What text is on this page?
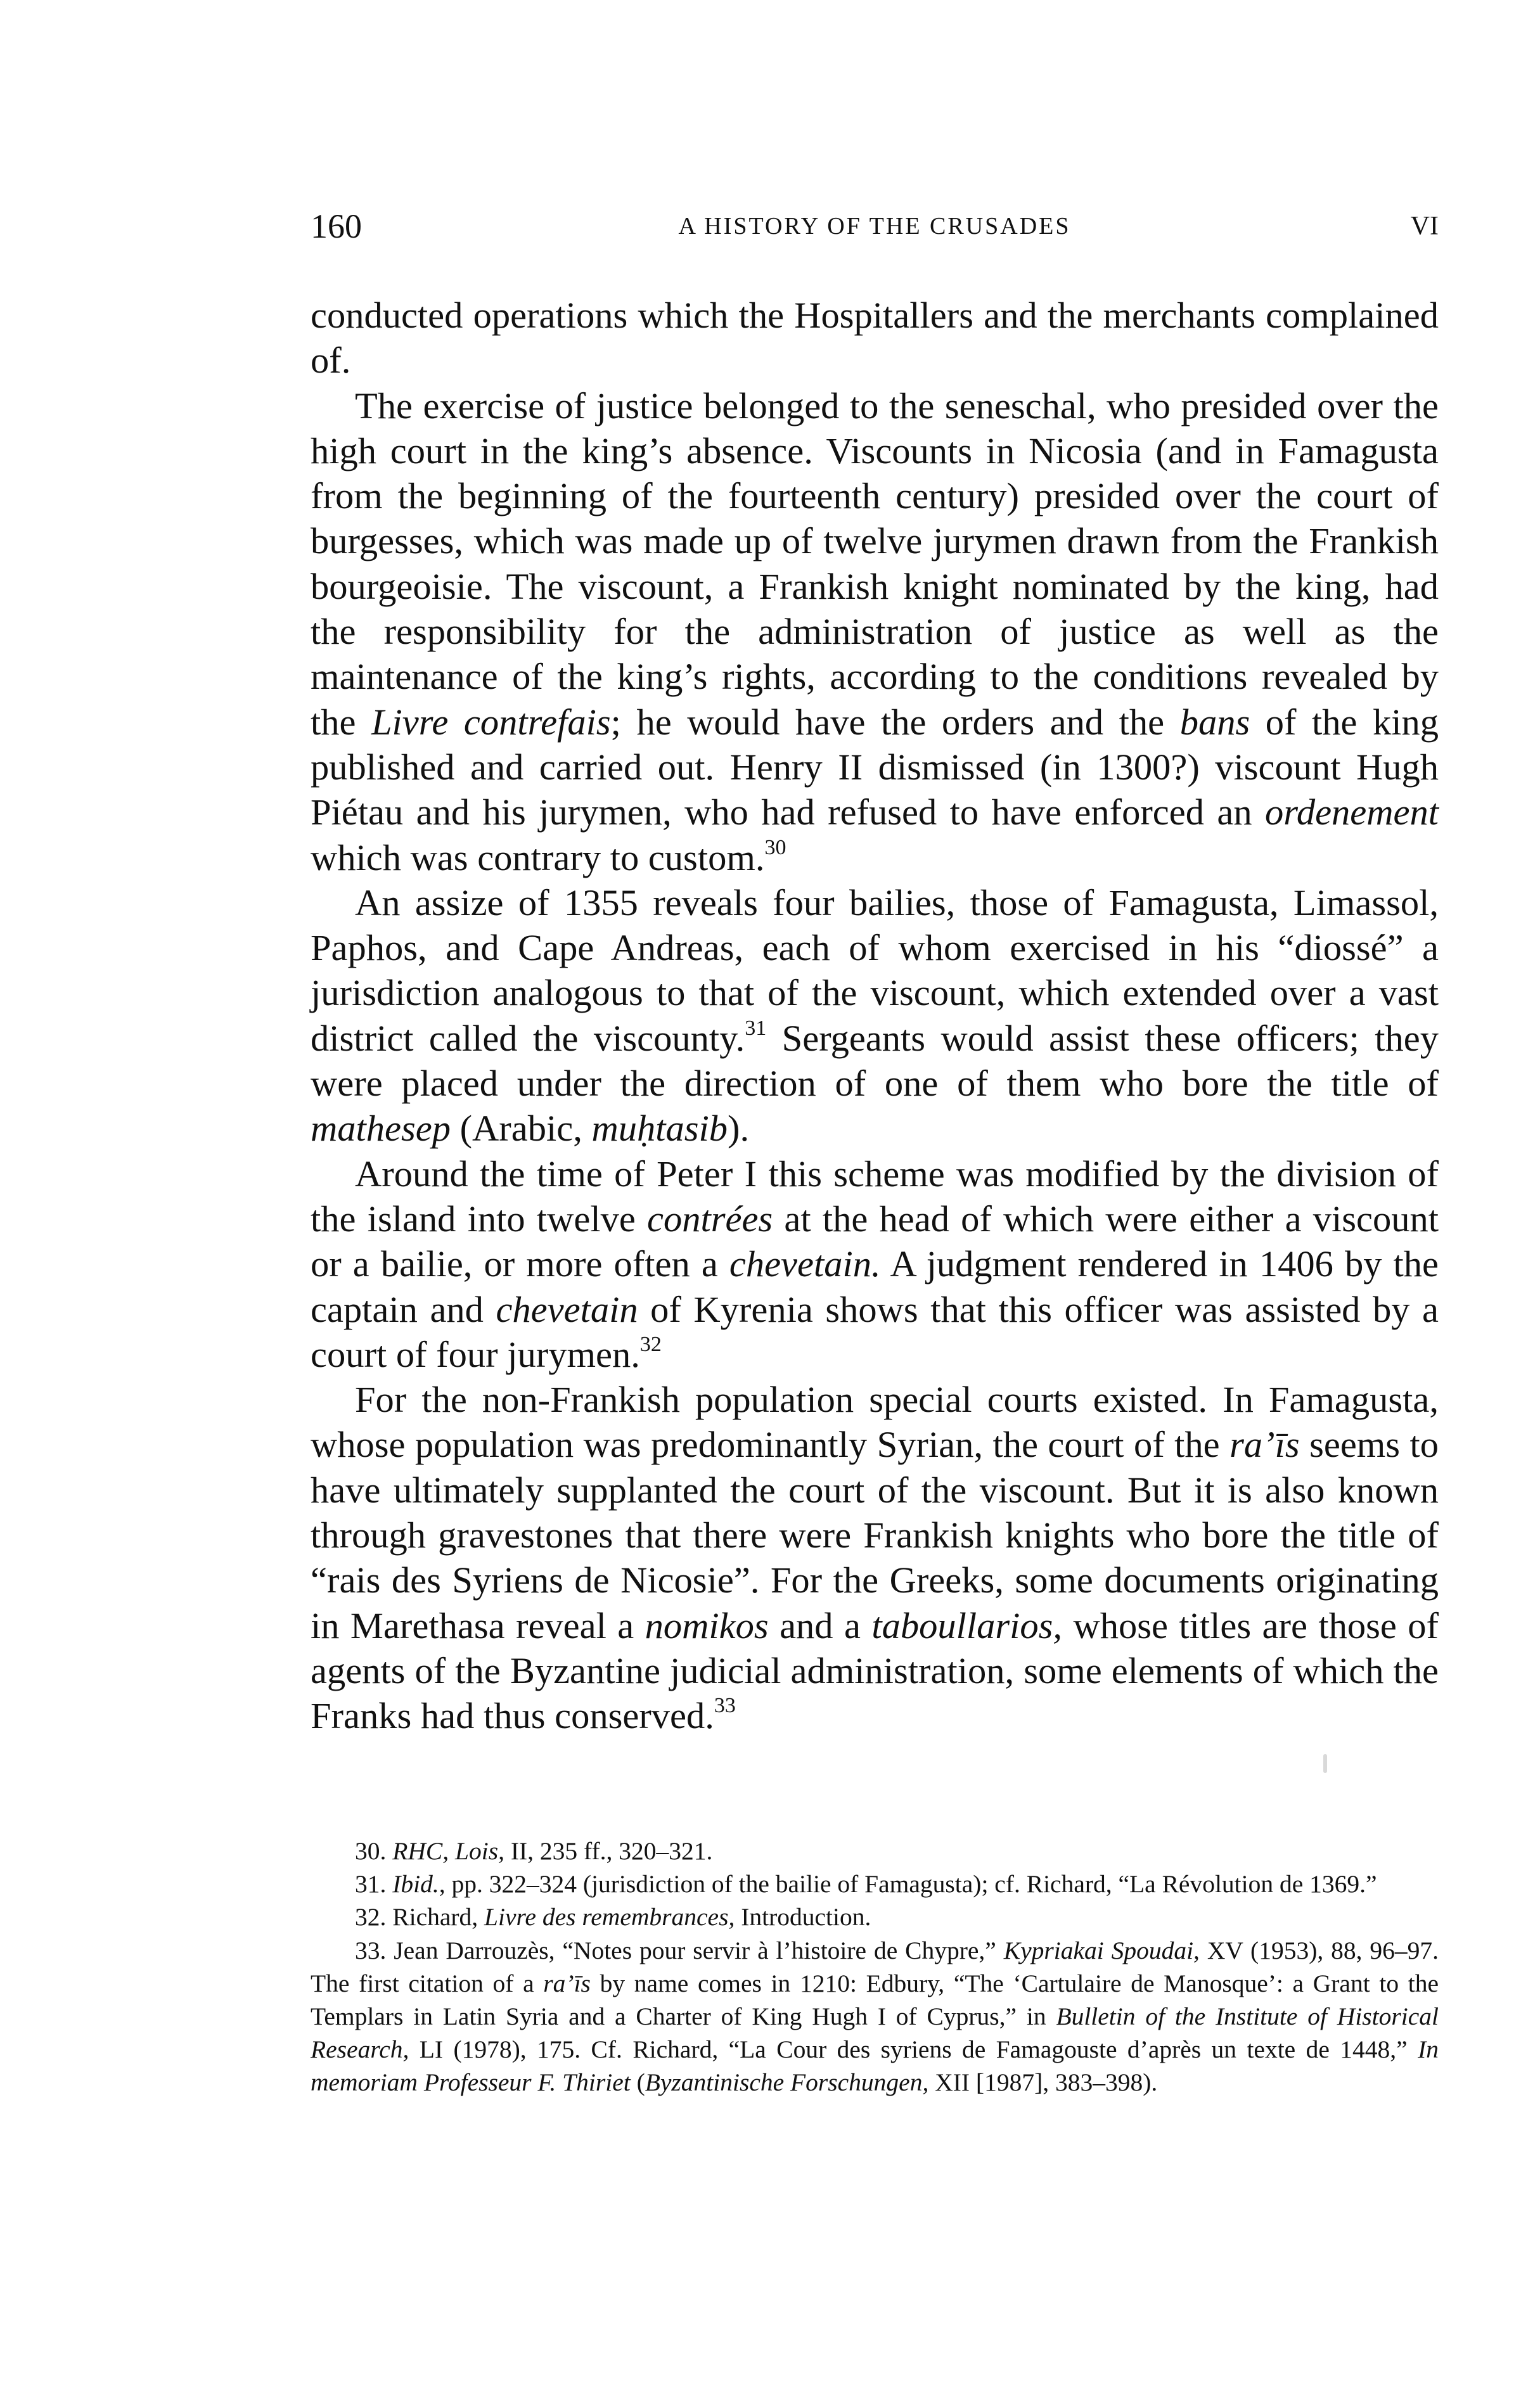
160	A HISTORY OF THE CRUSADES	VI

conducted operations which the Hospitallers and the merchants complained of.

The exercise of justice belonged to the seneschal, who presided over the high court in the king’s absence. Viscounts in Nicosia (and in Famagusta from the beginning of the fourteenth century) presided over the court of burgesses, which was made up of twelve jurymen drawn from the Frankish bourgeoisie. The viscount, a Frankish knight nominated by the king, had the responsibility for the administration of justice as well as the maintenance of the king’s rights, according to the conditions revealed by the Livre contrefais; he would have the orders and the bans of the king published and carried out. Henry II dismissed (in 1300?) viscount Hugh Piétau and his jurymen, who had refused to have enforced an ordenement which was contrary to custom.$^{30}$

An assize of 1355 reveals four bailies, those of Famagusta, Limassol, Paphos, and Cape Andreas, each of whom exercised in his “diossé” a jurisdiction analogous to that of the viscount, which extended over a vast district called the viscounty.$^{31}$ Sergeants would assist these officers; they were placed under the direction of one of them who bore the title of mathesep (Arabic, muḥtasib).

Around the time of Peter I this scheme was modified by the division of the island into twelve contrées at the head of which were either a viscount or a bailie, or more often a chevetain. A judgment rendered in 1406 by the captain and chevetain of Kyrenia shows that this officer was assisted by a court of four jurymen.$^{32}$

For the non-Frankish population special courts existed. In Famagusta, whose population was predominantly Syrian, the court of the ra’īs seems to have ultimately supplanted the court of the viscount. But it is also known through gravestones that there were Frankish knights who bore the title of “rais des Syriens de Nicosie”. For the Greeks, some documents originating in Marethasa reveal a nomikos and a taboullarios, whose titles are those of agents of the Byzantine judicial administration, some elements of which the Franks had thus conserved.$^{33}$

30. RHC, Lois, II, 235 ff., 320–321.

31. Ibid., pp. 322–324 (jurisdiction of the bailie of Famagusta); cf. Richard, “La Révolution de 1369.”

32. Richard, Livre des remembrances, Introduction.

33. Jean Darrouzès, “Notes pour servir à l’histoire de Chypre,” Kypriakai Spoudai, XV (1953), 88, 96–97. The first citation of a ra’īs by name comes in 1210: Edbury, “The ‘Cartulaire de Manosque’: a Grant to the Templars in Latin Syria and a Charter of King Hugh I of Cyprus,” in Bulletin of the Institute of Historical Research, LI (1978), 175. Cf. Richard, “La Cour des syriens de Famagouste d’après un texte de 1448,” In memoriam Professeur F. Thiriet (Byzantinische Forschungen, XII [1987], 383–398).
